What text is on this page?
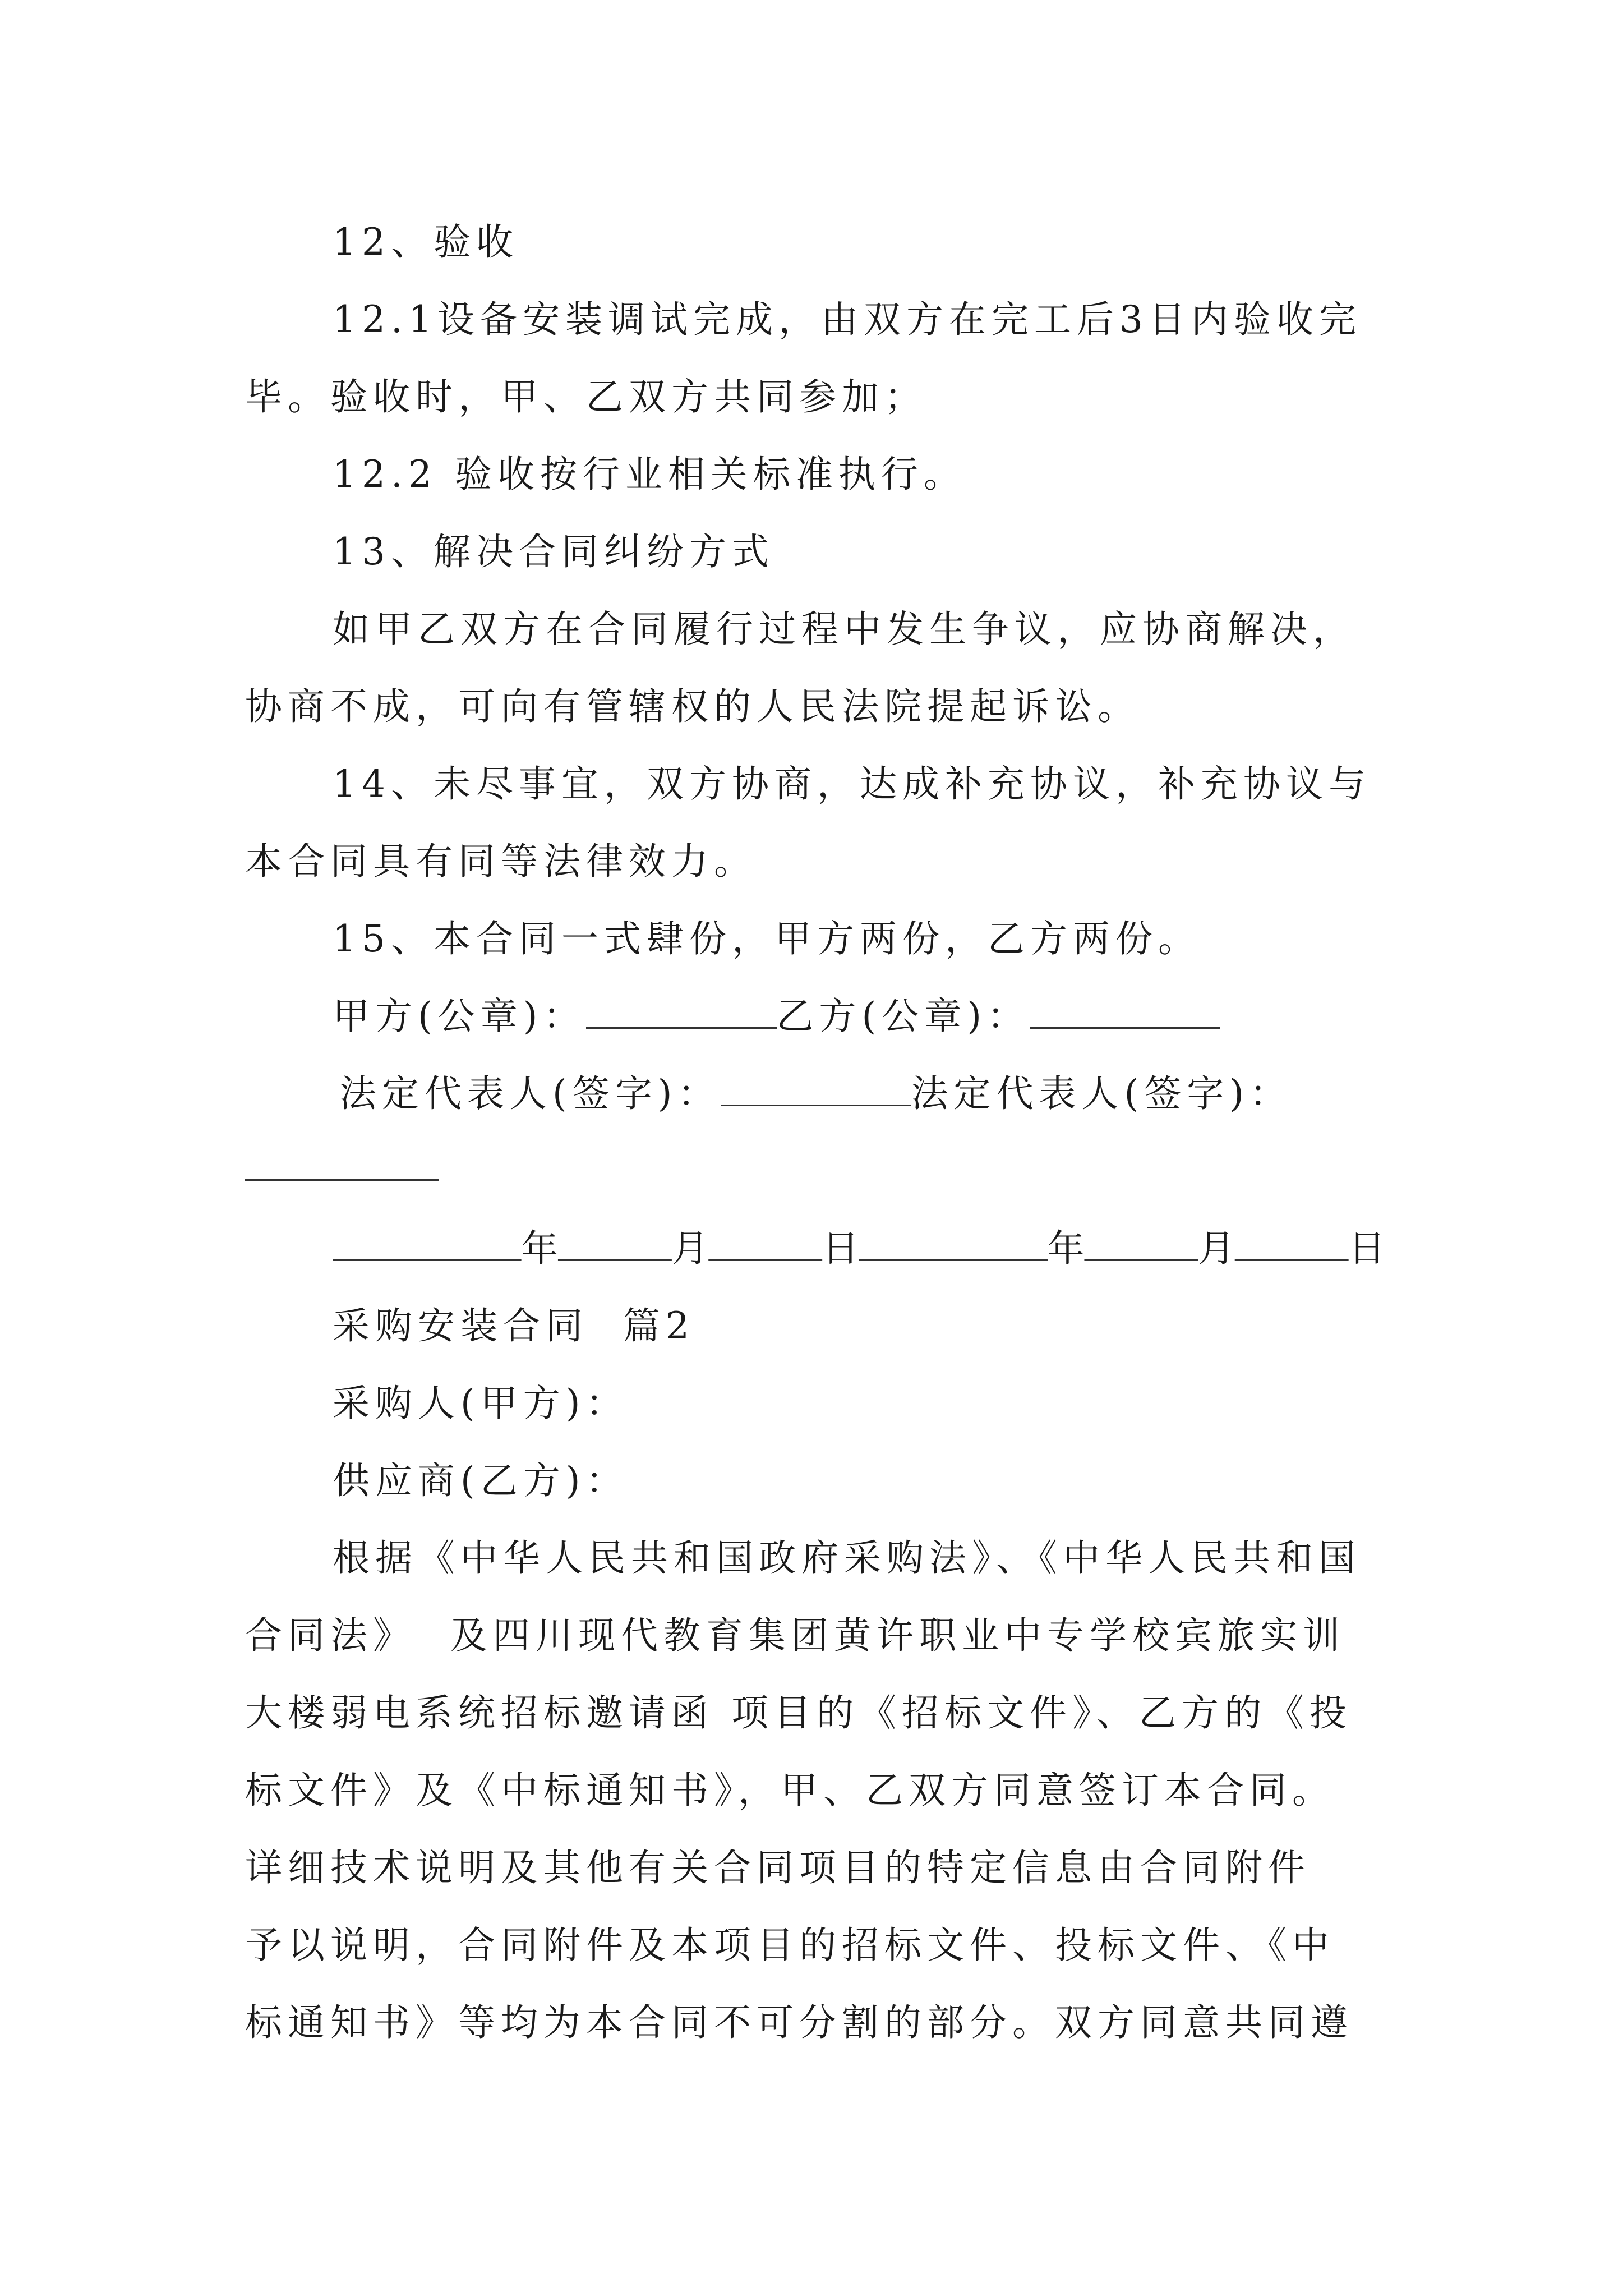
12、验收
12.1设备安装调试完成，由双方在完工后3日内验收完
毕。验收时，甲、乙双方共同参加；
12.2 验收按行业相关标准执行。
13、解决合同纠纷方式
如甲乙双方在合同履行过程中发生争议，应协商解决，
协商不成，可向有管辖权的人民法院提起诉讼。
14、未尽事宜，双方协商，达成补充协议，补充协议与
本合同具有同等法律效力。
15、本合同一式肆份，甲方两份，乙方两份。
甲方(公章)：	乙方(公章)：
法定代表人(签字)：	法定代表人(签字)：
年	月	日	年	月	日
采购安装合同  篇2
采购人(甲方)：
供应商(乙方)：
根据《中华人民共和国政府采购法》、《中华人民共和国
合同法》  及四川现代教育集团黄许职业中专学校宾旅实训
大楼弱电系统招标邀请函 项目的《招标文件》、乙方的《投
标文件》及《中标通知书》，甲、乙双方同意签订本合同。
详细技术说明及其他有关合同项目的特定信息由合同附件
予以说明，合同附件及本项目的招标文件、投标文件、《中
标通知书》等均为本合同不可分割的部分。双方同意共同遵
